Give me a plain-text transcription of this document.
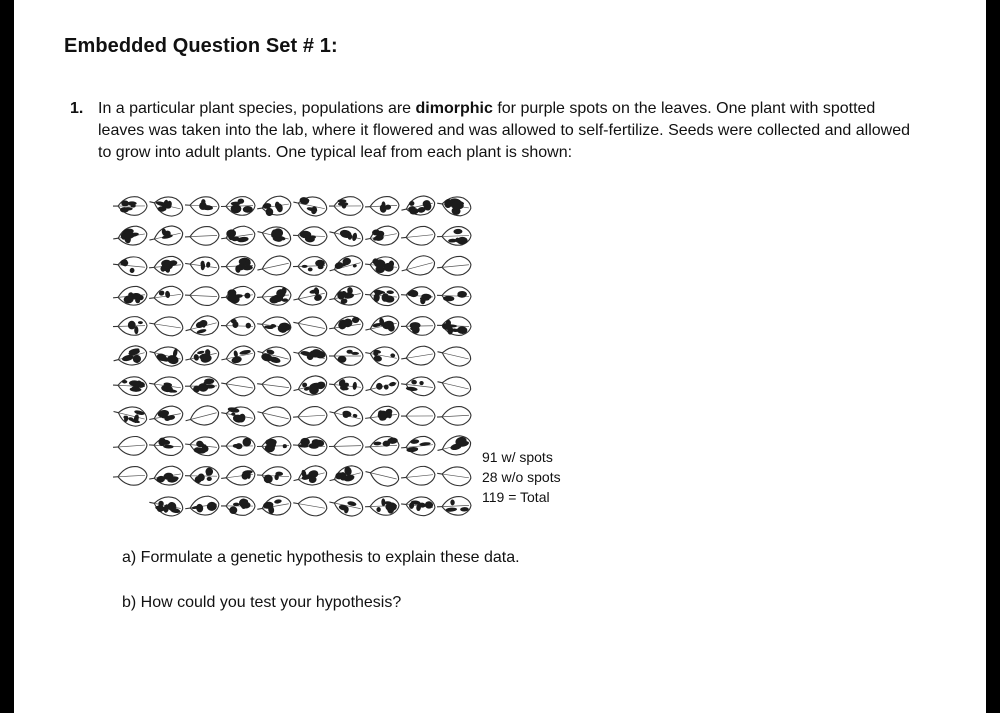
Embedded Question Set # 1:
1. In a particular plant species, populations are dimorphic for purple spots on the leaves. One plant with spotted leaves was taken into the lab, where it flowered and was allowed to self-fertilize. Seeds were collected and allowed to grow into adult plants. One typical leaf from each plant is shown:
91 w/ spots
28 w/o spots
119 = Total
a) Formulate a genetic hypothesis to explain these data.
b) How could you test your hypothesis?
